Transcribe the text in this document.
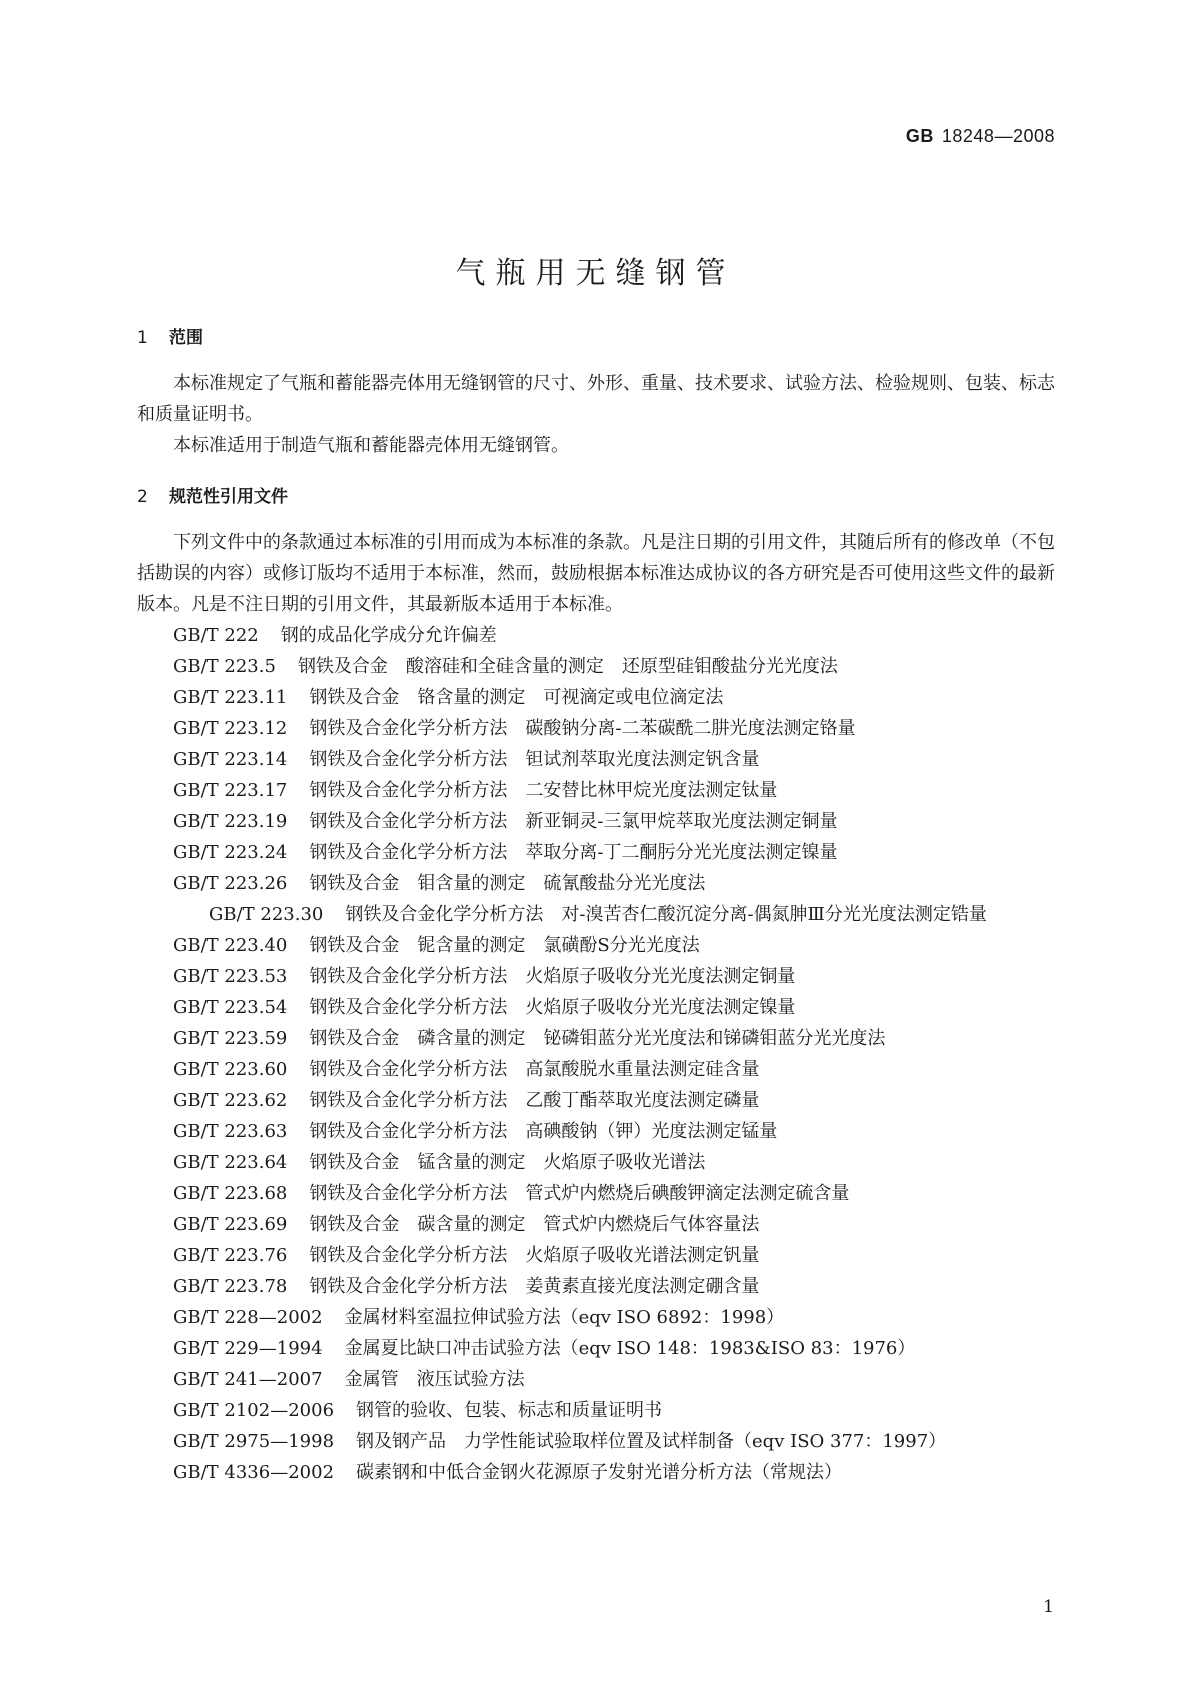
GB 18248—2008
气瓶用无缝钢管
1 范围

本标准规定了气瓶和蓄能器壳体用无缝钢管的尺寸、外形、重量、技术要求、试验方法、检验规则、包装、标志和质量证明书。

本标准适用于制造气瓶和蓄能器壳体用无缝钢管。

2 规范性引用文件

下列文件中的条款通过本标准的引用而成为本标准的条款。凡是注日期的引用文件，其随后所有的修改单（不包括勘误的内容）或修订版均不适用于本标准，然而，鼓励根据本标准达成协议的各方研究是否可使用这些文件的最新版本。凡是不注日期的引用文件，其最新版本适用于本标准。

GB/T 222 钢的成品化学成分允许偏差
GB/T 223.5 钢铁及合金　酸溶硅和全硅含量的测定　还原型硅钼酸盐分光光度法
GB/T 223.11 钢铁及合金　铬含量的测定　可视滴定或电位滴定法
GB/T 223.12 钢铁及合金化学分析方法　碳酸钠分离-二苯碳酰二肼光度法测定铬量
GB/T 223.14 钢铁及合金化学分析方法　钽试剂萃取光度法测定钒含量
GB/T 223.17 钢铁及合金化学分析方法　二安替比林甲烷光度法测定钛量
GB/T 223.19 钢铁及合金化学分析方法　新亚铜灵-三氯甲烷萃取光度法测定铜量
GB/T 223.24 钢铁及合金化学分析方法　萃取分离-丁二酮肟分光光度法测定镍量
GB/T 223.26 钢铁及合金　钼含量的测定　硫氰酸盐分光光度法
GB/T 223.30 钢铁及合金化学分析方法　对-溴苦杏仁酸沉淀分离-偶氮胂Ⅲ分光光度法测定锆量
GB/T 223.40 钢铁及合金　铌含量的测定　氯磺酚S分光光度法
GB/T 223.53 钢铁及合金化学分析方法　火焰原子吸收分光光度法测定铜量
GB/T 223.54 钢铁及合金化学分析方法　火焰原子吸收分光光度法测定镍量
GB/T 223.59 钢铁及合金　磷含量的测定　铋磷钼蓝分光光度法和锑磷钼蓝分光光度法
GB/T 223.60 钢铁及合金化学分析方法　高氯酸脱水重量法测定硅含量
GB/T 223.62 钢铁及合金化学分析方法　乙酸丁酯萃取光度法测定磷量
GB/T 223.63 钢铁及合金化学分析方法　高碘酸钠（钾）光度法测定锰量
GB/T 223.64 钢铁及合金　锰含量的测定　火焰原子吸收光谱法
GB/T 223.68 钢铁及合金化学分析方法　管式炉内燃烧后碘酸钾滴定法测定硫含量
GB/T 223.69 钢铁及合金　碳含量的测定　管式炉内燃烧后气体容量法
GB/T 223.76 钢铁及合金化学分析方法　火焰原子吸收光谱法测定钒量
GB/T 223.78 钢铁及合金化学分析方法　姜黄素直接光度法测定硼含量
GB/T 228—2002 金属材料室温拉伸试验方法（eqv ISO 6892：1998）
GB/T 229—1994 金属夏比缺口冲击试验方法（eqv ISO 148：1983&ISO 83：1976）
GB/T 241—2007 金属管　液压试验方法
GB/T 2102—2006 钢管的验收、包装、标志和质量证明书
GB/T 2975—1998 钢及钢产品　力学性能试验取样位置及试样制备（eqv ISO 377：1997）
GB/T 4336—2002 碳素钢和中低合金钢火花源原子发射光谱分析方法（常规法）
1
